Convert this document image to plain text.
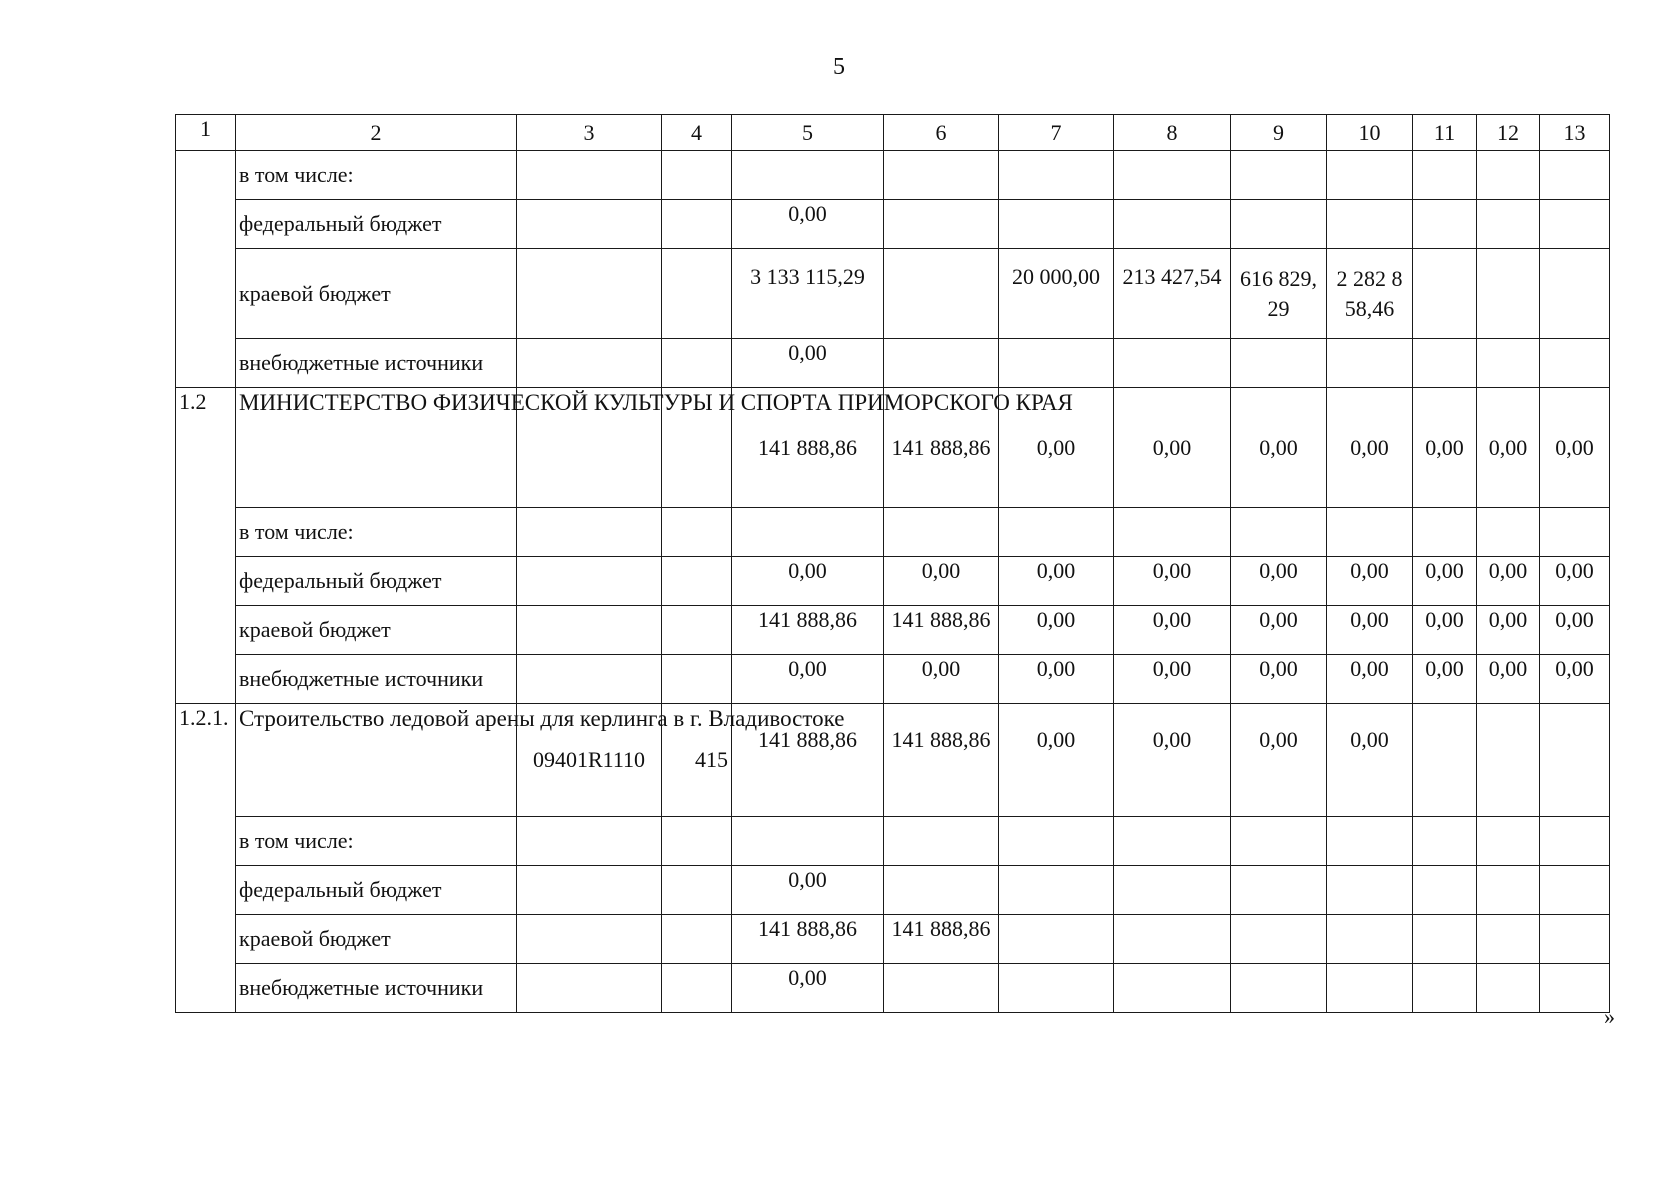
5
1	2	3	4	5	6	7	8	9	10	11	12	13
	в том числе:											
	федеральный бюджет			0,00								
	краевой бюджет			3 133 115,29		20 000,00	213 427,54	616 829, 29	2 282 8 58,46			
	внебюджетные источники			0,00								
1.2	МИНИСТЕРСТВО ФИЗИЧЕСКОЙ КУЛЬТУРЫ И СПОРТА ПРИМОРСКОГО КРАЯ			141 888,86	141 888,86	0,00	0,00	0,00	0,00	0,00	0,00	0,00
	в том числе:											
	федеральный бюджет			0,00	0,00	0,00	0,00	0,00	0,00	0,00	0,00	0,00
	краевой бюджет			141 888,86	141 888,86	0,00	0,00	0,00	0,00	0,00	0,00	0,00
	внебюджетные источники			0,00	0,00	0,00	0,00	0,00	0,00	0,00	0,00	0,00
1.2.1.	Строительство ледовой арены для керлинга в г. Владивостоке	09401R1110	415	141 888,86	141 888,86	0,00	0,00	0,00	0,00			
	в том числе:											
	федеральный бюджет			0,00								
	краевой бюджет			141 888,86	141 888,86							
	внебюджетные источники			0,00								
»
